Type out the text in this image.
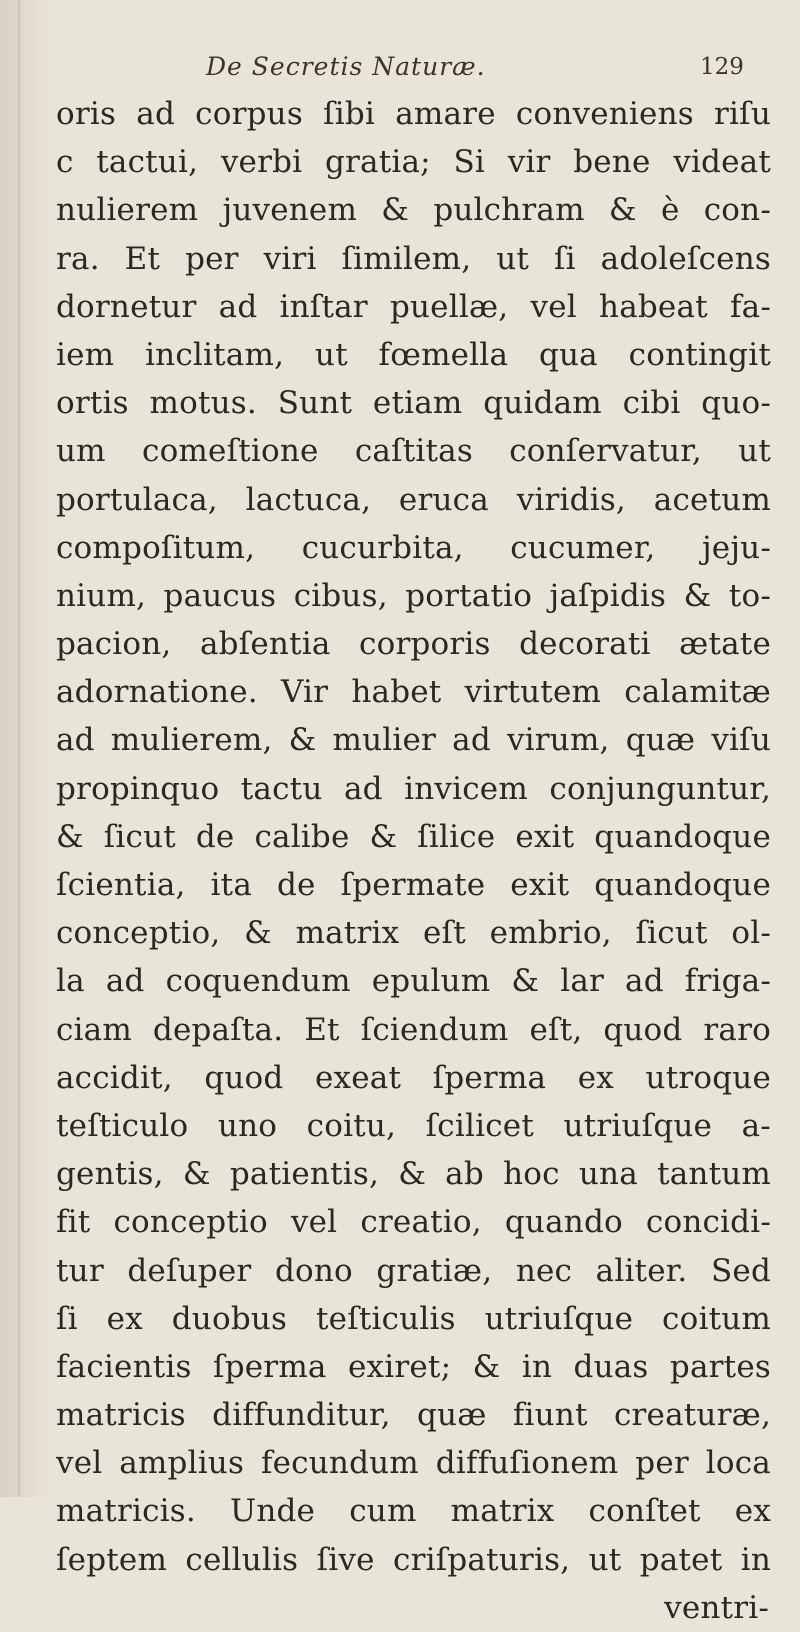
De Secretis Naturæ.	129
oris ad corpus ſibi amare conveniens riſu
c tactui, verbi gratia; Si vir bene videat
nulierem juvenem & pulchram & è con-
ra. Et per viri ſimilem, ut ſi adoleſcens
dornetur ad inſtar puellæ, vel habeat fa-
iem inclitam, ut fœmella qua contingit
ortis motus. Sunt etiam quidam cibi quo-
um comeſtione caſtitas conſervatur, ut
portulaca, lactuca, eruca viridis, acetum
compoſitum, cucurbita, cucumer, jeju-
nium, paucus cibus, portatio jaſpidis & to-
pacion, abſentia corporis decorati ætate
adornatione. Vir habet virtutem calamitæ
ad mulierem, & mulier ad virum, quæ viſu
propinquo tactu ad invicem conjunguntur,
& ſicut de calibe & ſilice exit quandoque
ſcientia, ita de ſpermate exit quandoque
conceptio, & matrix eſt embrio, ſicut ol-
la ad coquendum epulum & lar ad friga-
ciam depaſta. Et ſciendum eſt, quod raro
accidit, quod exeat ſperma ex utroque
teſticulo uno coitu, ſcilicet utriuſque a-
gentis, & patientis, & ab hoc una tantum
fit conceptio vel creatio, quando concidi-
tur deſuper dono gratiæ, nec aliter. Sed
ſi ex duobus teſticulis utriuſque coitum
facientis ſperma exiret; & in duas partes
matricis diffunditur, quæ fiunt creaturæ,
vel amplius fecundum diffuſionem per loca
matricis. Unde cum matrix conſtet ex
ſeptem cellulis ſive criſpaturis, ut patet in
ventri-
